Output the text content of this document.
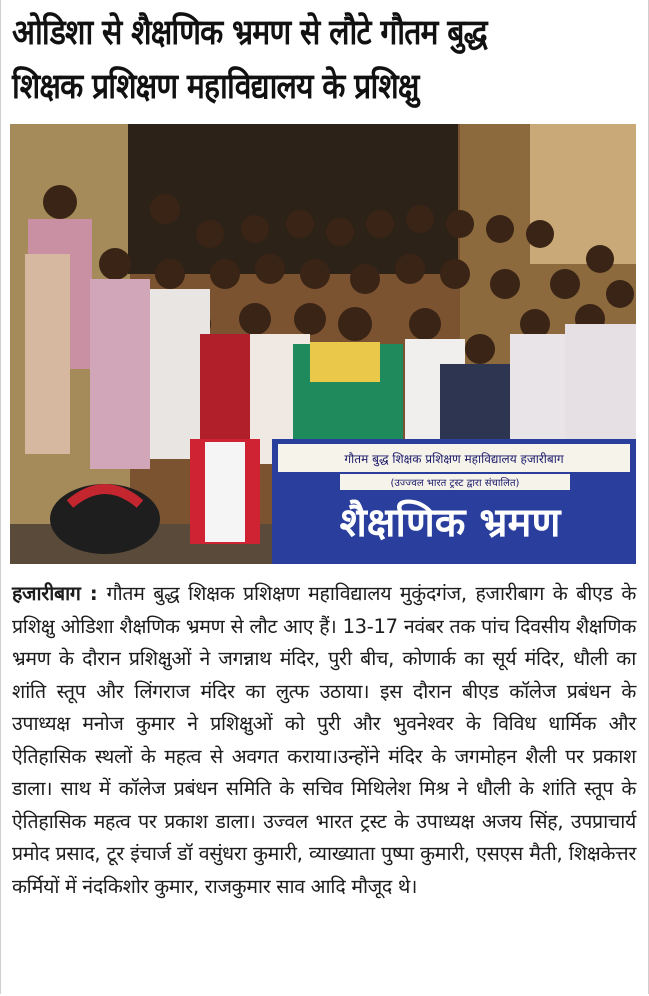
ओडिशा से शैक्षणिक भ्रमण से लौटे गौतम बुद्ध
शिक्षक प्रशिक्षण महाविद्यालय के प्रशिक्षु
गौतम बुद्ध शिक्षक प्रशिक्षण महाविद्यालय हजारीबाग
(उज्ज्वल भारत ट्रस्ट द्वारा संचालित)
शैक्षणिक भ्रमण
हजारीबाग : गौतम बुद्ध शिक्षक प्रशिक्षण महाविद्यालय मुकुंदगंज, हजारीबाग के बीएड के प्रशिक्षु ओडिशा शैक्षणिक भ्रमण से लौट आए हैं। 13-17 नवंबर तक पांच दिवसीय शैक्षणिक भ्रमण के दौरान प्रशिक्षुओं ने जगन्नाथ मंदिर, पुरी बीच, कोणार्क का सूर्य मंदिर, धौली का शांति स्तूप और लिंगराज मंदिर का लुत्फ उठाया। इस दौरान बीएड कॉलेज प्रबंधन के उपाध्यक्ष मनोज कुमार ने प्रशिक्षुओं को पुरी और भुवनेश्वर के विविध धार्मिक और ऐतिहासिक स्थलों के महत्व से अवगत कराया।उन्होंने मंदिर के जगमोहन शैली पर प्रकाश डाला। साथ में कॉलेज प्रबंधन समिति के सचिव मिथिलेश मिश्र ने धौली के शांति स्तूप के ऐतिहासिक महत्व पर प्रकाश डाला। उज्वल भारत ट्रस्ट के उपाध्यक्ष अजय सिंह, उपप्राचार्य प्रमोद प्रसाद, टूर इंचार्ज डॉ वसुंधरा कुमारी, व्याख्याता पुष्पा कुमारी, एसएस मैती, शिक्षकेत्तर कर्मियों में नंदकिशोर कुमार, राजकुमार साव आदि मौजूद थे।
